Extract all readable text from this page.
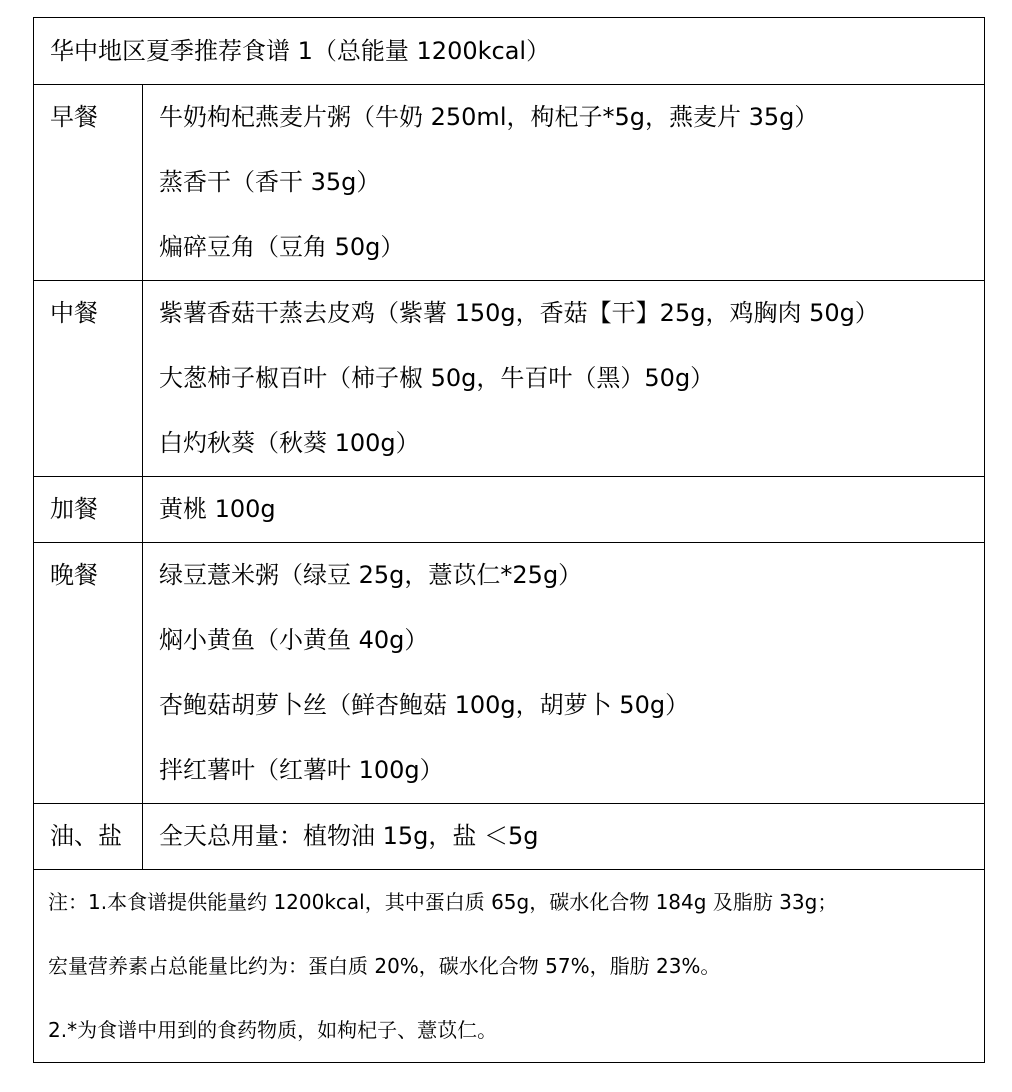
华中地区夏季推荐食谱 1（总能量 1200kcal）	
早餐	牛奶枸杞燕麦片粥（牛奶 250ml，枸杞子*5g，燕麦片 35g）
蒸香干（香干 35g）
煸碎豆角（豆角 50g）

中餐	紫薯香菇干蒸去皮鸡（紫薯 150g，香菇【干】25g，鸡胸肉 50g）
大葱柿子椒百叶（柿子椒 50g，牛百叶（黑）50g）
白灼秋葵（秋葵 100g）

加餐	黄桃 100g

晚餐	绿豆薏米粥（绿豆 25g，薏苡仁*25g）
焖小黄鱼（小黄鱼 40g）
杏鲍菇胡萝卜丝（鲜杏鲍菇 100g，胡萝卜 50g）
拌红薯叶（红薯叶 100g）

油、盐	全天总用量：植物油 15g，盐 ＜5g

注：1.本食谱提供能量约 1200kcal，其中蛋白质 65g，碳水化合物 184g 及脂肪 33g；
宏量营养素占总能量比约为：蛋白质 20%，碳水化合物 57%，脂肪 23%。
2.*为食谱中用到的食药物质，如枸杞子、薏苡仁。	
